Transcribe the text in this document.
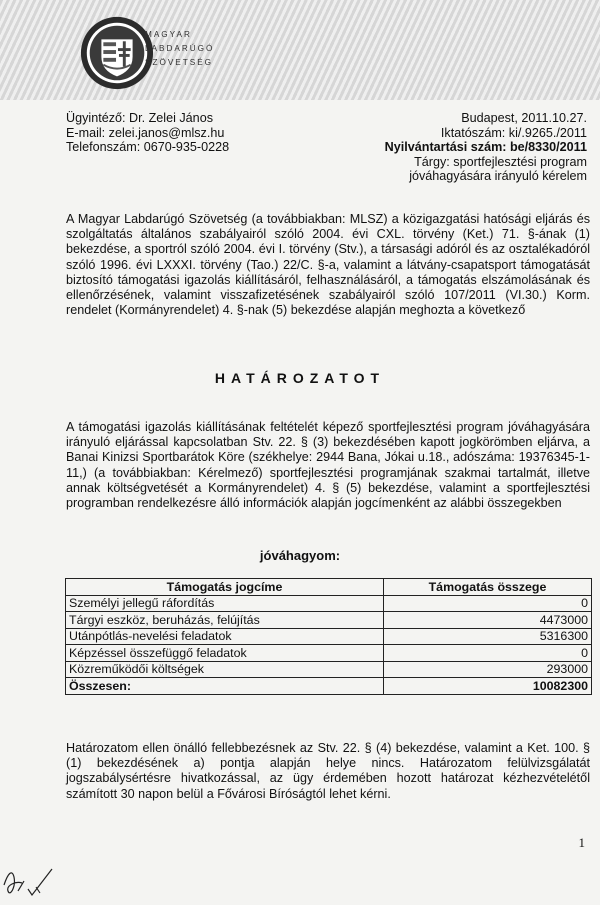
MAGYAR
LABDARÚGÓ
SZÖVETSÉG
Ügyintéző: Dr. Zelei János
E-mail: zelei.janos@mlsz.hu
Telefonszám: 0670-935-0228
Budapest, 2011.10.27.
Iktatószám: ki/.9265./2011
Nyilvántartási szám: be/8330/2011
Tárgy: sportfejlesztési program
jóváhagyására irányuló kérelem
A Magyar Labdarúgó Szövetség (a továbbiakban: MLSZ) a közigazgatási hatósági eljárás és szolgáltatás általános szabályairól szóló 2004. évi CXL. törvény (Ket.) 71. §-ának (1) bekezdése, a sportról szóló 2004. évi I. törvény (Stv.), a társasági adóról és az osztalékadóról szóló 1996. évi LXXXI. törvény (Tao.) 22/C. §-a, valamint a látvány-csapatsport támogatását biztosító támogatási igazolás kiállításáról, felhasználásáról, a támogatás elszámolásának és ellenőrzésének, valamint visszafizetésének szabályairól szóló 107/2011 (VI.30.) Korm. rendelet (Kormányrendelet) 4. §-nak (5) bekezdése alapján meghozta a következő
HATÁROZATOT
A támogatási igazolás kiállításának feltételét képező sportfejlesztési program jóváhagyására irányuló eljárással kapcsolatban Stv. 22. § (3) bekezdésében kapott jogkörömben eljárva, a Banai Kinizsi Sportbarátok Köre (székhelye: 2944 Bana, Jókai u.18., adószáma: 19376345-1-11,) (a továbbiakban: Kérelmező) sportfejlesztési programjának szakmai tartalmát, illetve annak költségvetését a Kormányrendelet) 4. § (5) bekezdése, valamint a sportfejlesztési programban rendelkezésre álló információk alapján jogcímenként az alábbi összegekben
jóváhagyom:
Támogatás jogcíme	Támogatás összege
Személyi jellegű ráfordítás	0
Tárgyi eszköz, beruházás, felújítás	4473000
Utánpótlás-nevelési feladatok	5316300
Képzéssel összefüggő feladatok	0
Közreműködői költségek	293000
Összesen:	10082300
Határozatom ellen önálló fellebbezésnek az Stv. 22. § (4) bekezdése, valamint a Ket. 100. § (1) bekezdésének a) pontja alapján helye nincs. Határozatom felülvizsgálatát jogszabálysértésre hivatkozással, az ügy érdemében hozott határozat kézhezvételétől számított 30 napon belül a Fővárosi Bíróságtól lehet kérni.
1
